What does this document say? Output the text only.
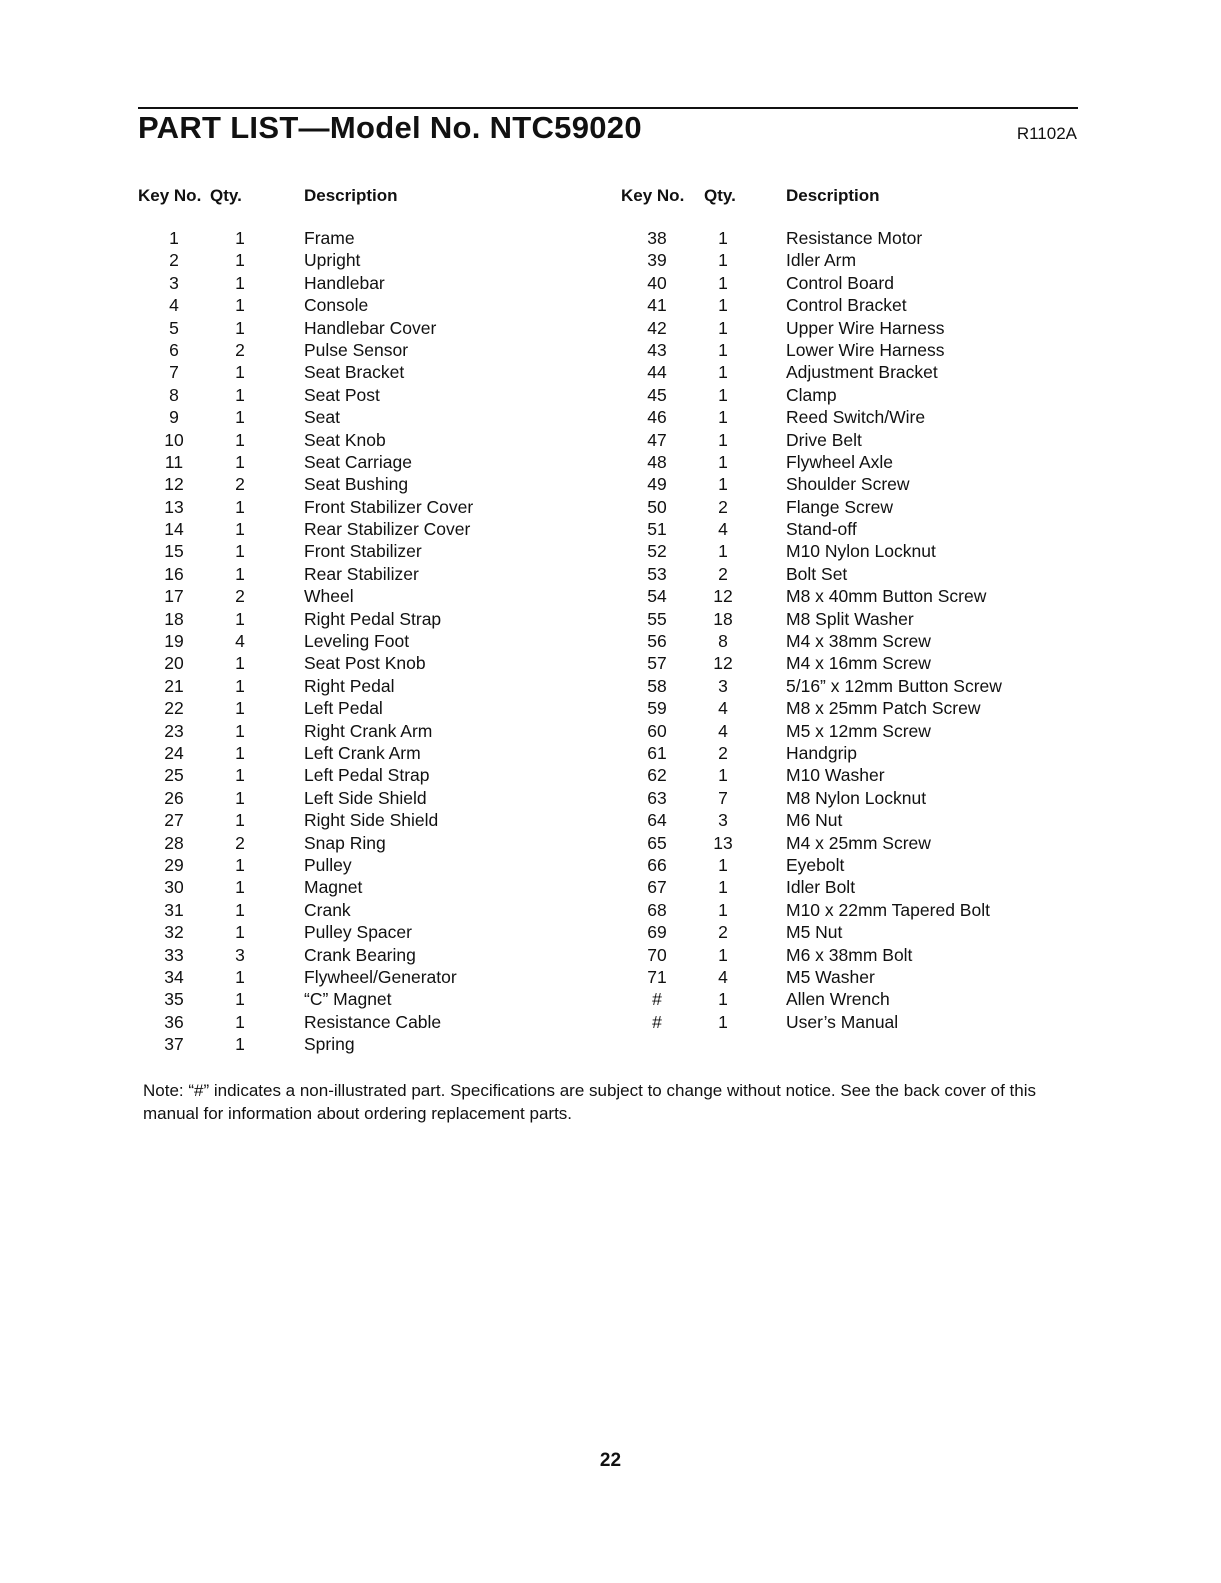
PART LIST—Model No. NTC59020	R1102A
Key No. Qty.	Description	Key No. Qty.	Description
1	1	Frame
2	1	Upright
3	1	Handlebar
4	1	Console
5	1	Handlebar Cover
6	2	Pulse Sensor
7	1	Seat Bracket
8	1	Seat Post
9	1	Seat
10	1	Seat Knob
11	1	Seat Carriage
12	2	Seat Bushing
13	1	Front Stabilizer Cover
14	1	Rear Stabilizer Cover
15	1	Front Stabilizer
16	1	Rear Stabilizer
17	2	Wheel
18	1	Right Pedal Strap
19	4	Leveling Foot
20	1	Seat Post Knob
21	1	Right Pedal
22	1	Left Pedal
23	1	Right Crank Arm
24	1	Left Crank Arm
25	1	Left Pedal Strap
26	1	Left Side Shield
27	1	Right Side Shield
28	2	Snap Ring
29	1	Pulley
30	1	Magnet
31	1	Crank
32	1	Pulley Spacer
33	3	Crank Bearing
34	1	Flywheel/Generator
35	1	“C” Magnet
36	1	Resistance Cable
37	1	Spring
38	1	Resistance Motor
39	1	Idler Arm
40	1	Control Board
41	1	Control Bracket
42	1	Upper Wire Harness
43	1	Lower Wire Harness
44	1	Adjustment Bracket
45	1	Clamp
46	1	Reed Switch/Wire
47	1	Drive Belt
48	1	Flywheel Axle
49	1	Shoulder Screw
50	2	Flange Screw
51	4	Stand-off
52	1	M10 Nylon Locknut
53	2	Bolt Set
54	12	M8 x 40mm Button Screw
55	18	M8 Split Washer
56	8	M4 x 38mm Screw
57	12	M4 x 16mm Screw
58	3	5/16” x 12mm Button Screw
59	4	M8 x 25mm Patch Screw
60	4	M5 x 12mm Screw
61	2	Handgrip
62	1	M10 Washer
63	7	M8 Nylon Locknut
64	3	M6 Nut
65	13	M4 x 25mm Screw
66	1	Eyebolt
67	1	Idler Bolt
68	1	M10 x 22mm Tapered Bolt
69	2	M5 Nut
70	1	M6 x 38mm Bolt
71	4	M5 Washer
#	1	Allen Wrench
#	1	User’s Manual
Note: “#” indicates a non-illustrated part. Specifications are subject to change without notice. See the back cover of this manual for information about ordering replacement parts.
22
